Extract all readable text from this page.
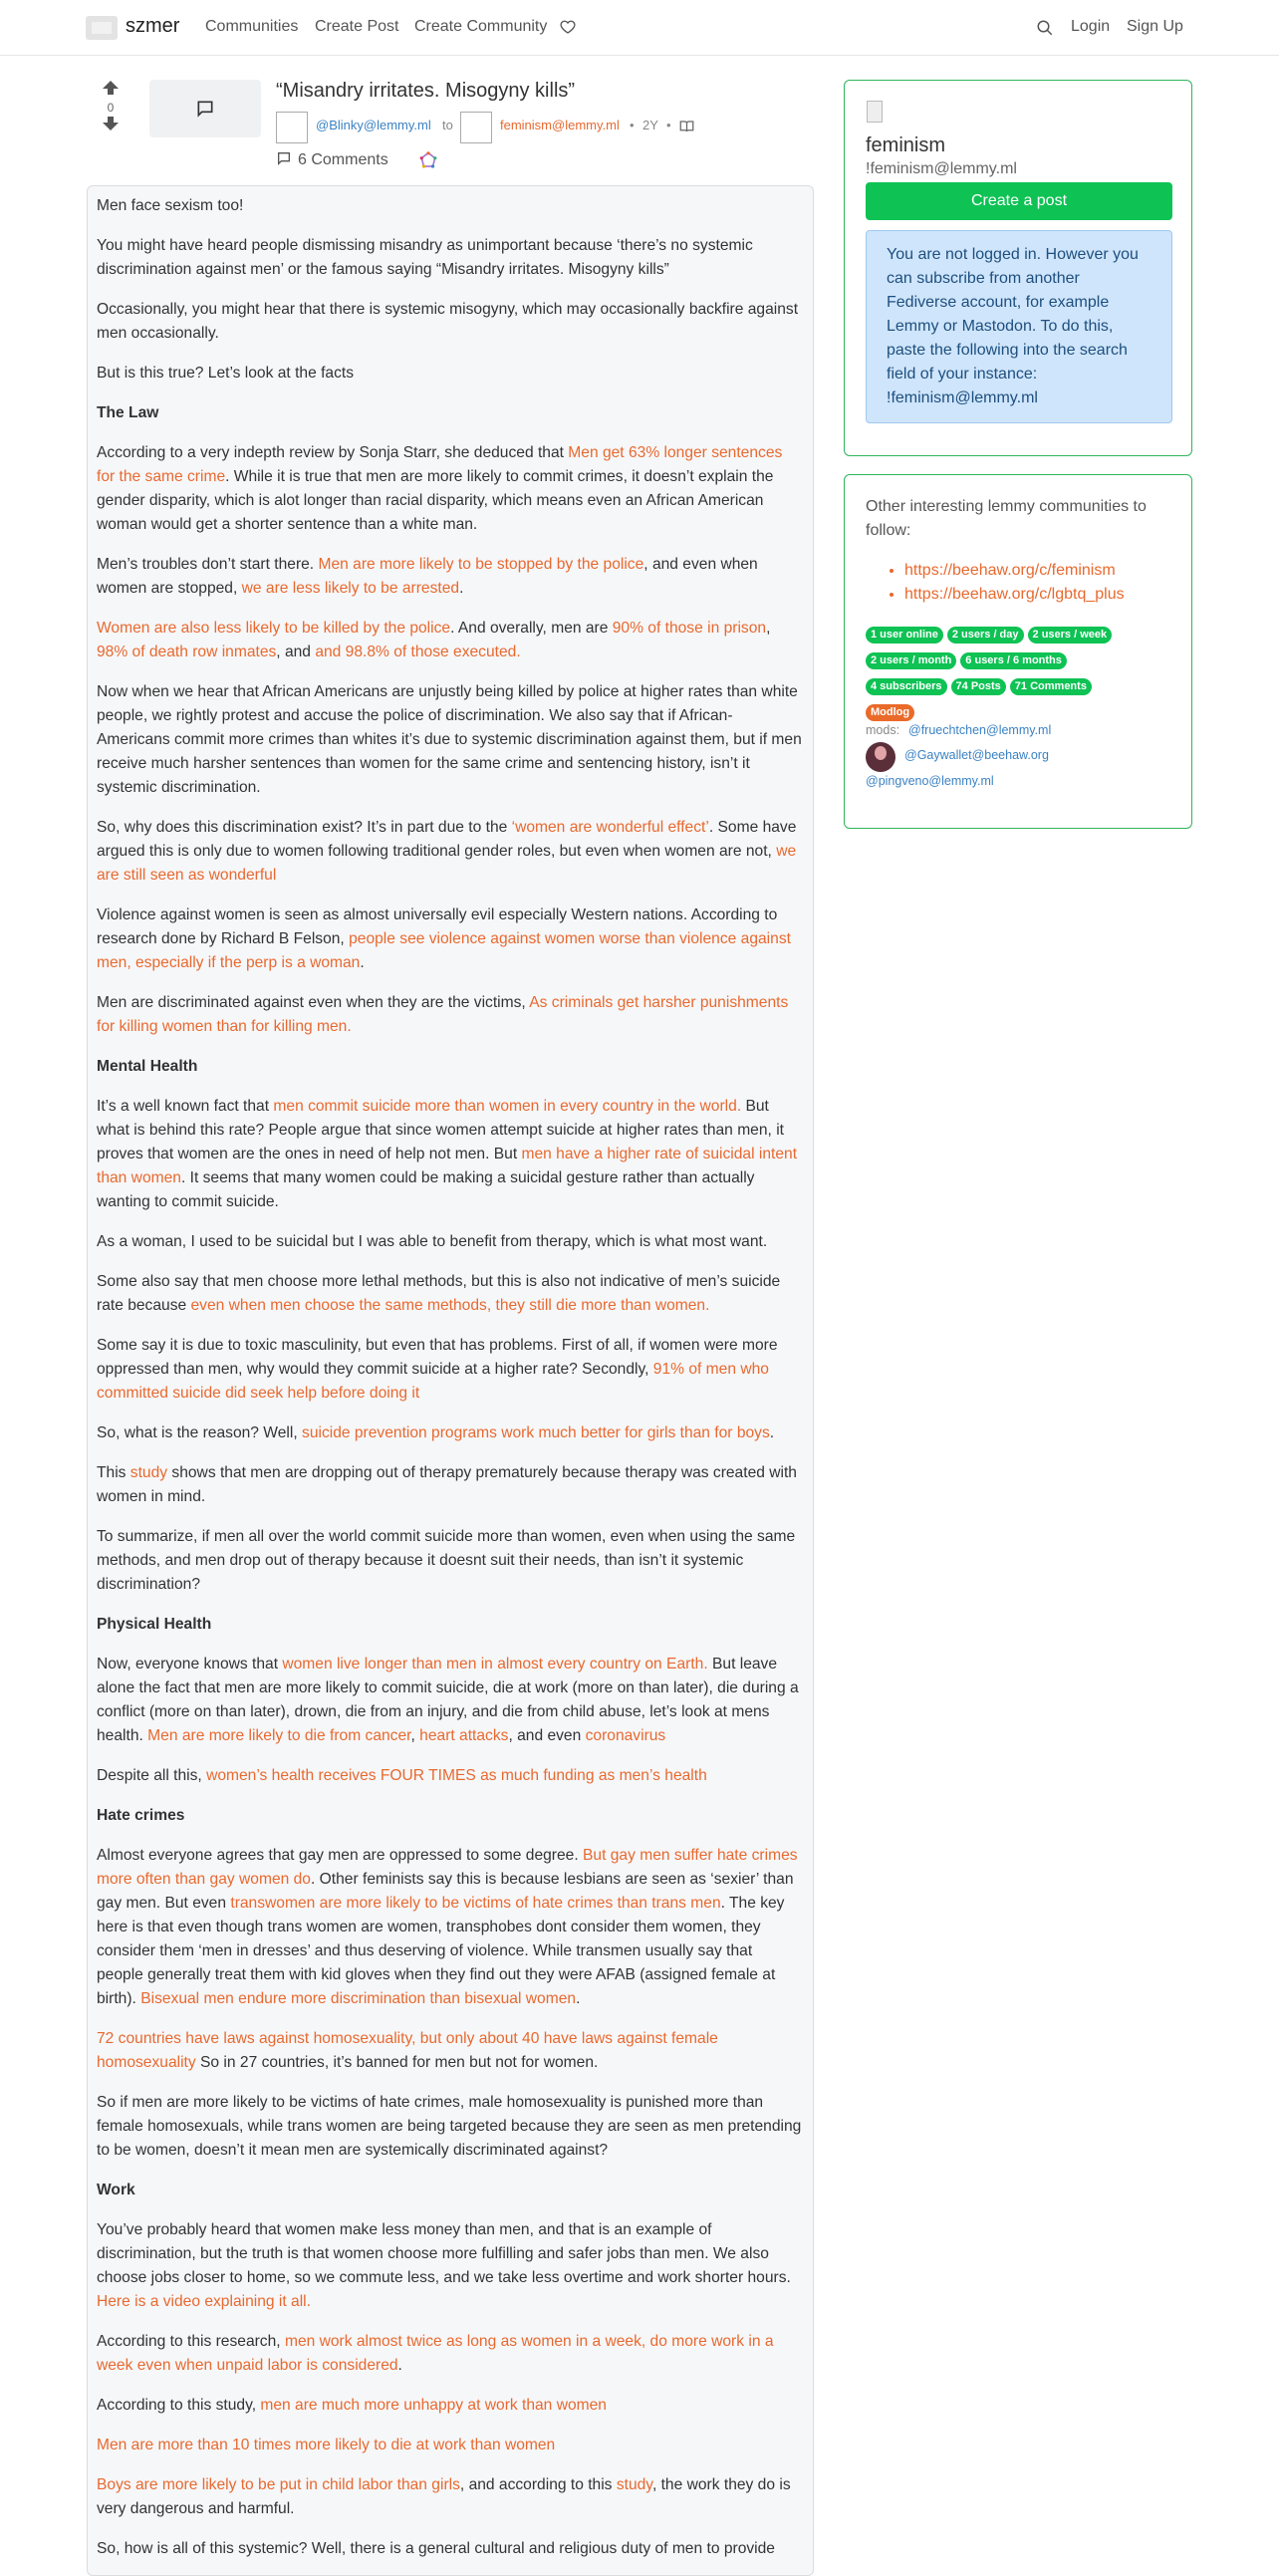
szmer Communities Create Post Create Community	Login Sign Up
0
“Misandry irritates. Misogyny kills”
@Blinky@lemmy.ml to	feminism@lemmy.ml • 2Y •
6 Comments

Men face sexism too!

You might have heard people dismissing misandry as unimportant because ‘there’s no systemic discrimination against men’ or the famous saying “Misandry irritates. Misogyny kills”

Occasionally, you might hear that there is systemic misogyny, which may occasionally backfire against men occasionally.

But is this true? Let’s look at the facts

The Law

According to a very indepth review by Sonja Starr, she deduced that Men get 63% longer sentences for the same crime. While it is true that men are more likely to commit crimes, it doesn’t explain the gender disparity, which is alot longer than racial disparity, which means even an African American woman would get a shorter sentence than a white man.

Men’s troubles don’t start there. Men are more likely to be stopped by the police, and even when women are stopped, we are less likely to be arrested.

Women are also less likely to be killed by the police. And overally, men are 90% of those in prison, 98% of death row inmates, and and 98.8% of those executed.

Now when we hear that African Americans are unjustly being killed by police at higher rates than white people, we rightly protest and accuse the police of discrimination. We also say that if African-Americans commit more crimes than whites it’s due to systemic discrimination against them, but if men receive much harsher sentences than women for the same crime and sentencing history, isn’t it systemic discrimination.

So, why does this discrimination exist? It’s in part due to the ‘women are wonderful effect’. Some have argued this is only due to women following traditional gender roles, but even when women are not, we are still seen as wonderful

Violence against women is seen as almost universally evil especially Western nations. According to research done by Richard B Felson, people see violence against women worse than violence against men, especially if the perp is a woman.

Men are discriminated against even when they are the victims, As criminals get harsher punishments for killing women than for killing men.

Mental Health

It’s a well known fact that men commit suicide more than women in every country in the world. But what is behind this rate? People argue that since women attempt suicide at higher rates than men, it proves that women are the ones in need of help not men. But men have a higher rate of suicidal intent than women. It seems that many women could be making a suicidal gesture rather than actually wanting to commit suicide.

As a woman, I used to be suicidal but I was able to benefit from therapy, which is what most want.

Some also say that men choose more lethal methods, but this is also not indicative of men’s suicide rate because even when men choose the same methods, they still die more than women.

Some say it is due to toxic masculinity, but even that has problems. First of all, if women were more oppressed than men, why would they commit suicide at a higher rate? Secondly, 91% of men who committed suicide did seek help before doing it

So, what is the reason? Well, suicide prevention programs work much better for girls than for boys.

This study shows that men are dropping out of therapy prematurely because therapy was created with women in mind.

To summarize, if men all over the world commit suicide more than women, even when using the same methods, and men drop out of therapy because it doesnt suit their needs, than isn’t it systemic discrimination?

Physical Health

Now, everyone knows that women live longer than men in almost every country on Earth. But leave alone the fact that men are more likely to commit suicide, die at work (more on than later), die during a conflict (more on than later), drown, die from an injury, and die from child abuse, let’s look at mens health. Men are more likely to die from cancer, heart attacks, and even coronavirus

Despite all this, women’s health receives FOUR TIMES as much funding as men’s health

Hate crimes

Almost everyone agrees that gay men are oppressed to some degree. But gay men suffer hate crimes more often than gay women do. Other feminists say this is because lesbians are seen as ‘sexier’ than gay men. But even transwomen are more likely to be victims of hate crimes than trans men. The key here is that even though trans women are women, transphobes dont consider them women, they consider them ‘men in dresses’ and thus deserving of violence. While transmen usually say that people generally treat them with kid gloves when they find out they were AFAB (assigned female at birth). Bisexual men endure more discrimination than bisexual women.

72 countries have laws against homosexuality, but only about 40 have laws against female homosexuality So in 27 countries, it’s banned for men but not for women.

So if men are more likely to be victims of hate crimes, male homosexuality is punished more than female homosexuals, while trans women are being targeted because they are seen as men pretending to be women, doesn’t it mean men are systemically discriminated against?

Work

You’ve probably heard that women make less money than men, and that is an example of discrimination, but the truth is that women choose more fulfilling and safer jobs than men. We also choose jobs closer to home, so we commute less, and we take less overtime and work shorter hours. Here is a video explaining it all.

According to this research, men work almost twice as long as women in a week, do more work in a week even when unpaid labor is considered.

According to this study, men are much more unhappy at work than women

Men are more than 10 times more likely to die at work than women

Boys are more likely to be put in child labor than girls, and according to this study, the work they do is very dangerous and harmful.

So, how is all of this systemic? Well, there is a general cultural and religious duty of men to provide

feminism
!feminism@lemmy.ml
Create a post
You are not logged in. However you can subscribe from another Fediverse account, for example Lemmy or Mastodon. To do this, paste the following into the search field of your instance: !feminism@lemmy.ml
Other interesting lemmy communities to follow:
• https://beehaw.org/c/feminism
• https://beehaw.org/c/lgbtq_plus
1 user online 2 users / day 2 users / week
2 users / month 6 users / 6 months
4 subscribers 74 Posts 71 Comments
Modlog
mods: @fruechtchen@lemmy.ml
@Gaywallet@beehaw.org
@pingveno@lemmy.ml
